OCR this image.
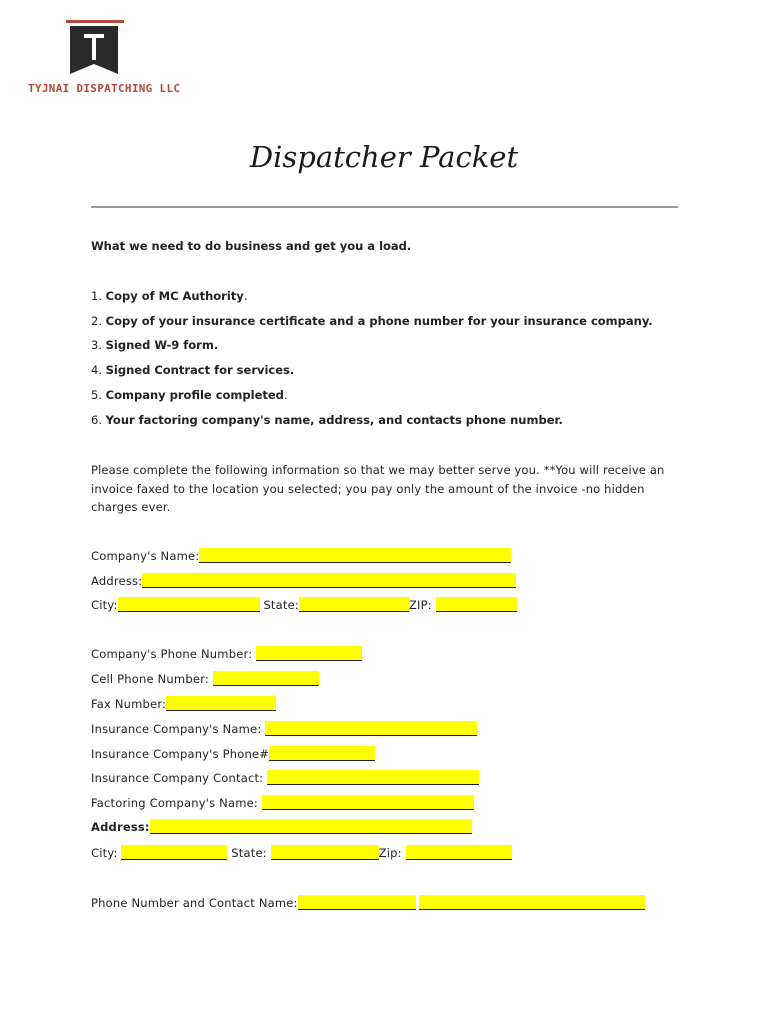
TYJNAI DISPATCHING LLC
Dispatcher Packet
What we need to do business and get you a load.
1. Copy of MC Authority.
2. Copy of your insurance certificate and a phone number for your insurance company.
3. Signed W-9 form.
4. Signed Contract for services.
5. Company profile completed.
6. Your factoring company's name, address, and contacts phone number.
Please complete the following information so that we may better serve you. **You will receive an invoice faxed to the location you selected; you pay only the amount of the invoice -no hidden charges ever.
Company's Name:
Address:
City:	State:	ZIP:
Company's Phone Number:
Cell Phone Number:
Fax Number:
Insurance Company's Name:
Insurance Company's Phone#
Insurance Company Contact:
Factoring Company's Name:
Address:
City:	State:	Zip:
Phone Number and Contact Name:
